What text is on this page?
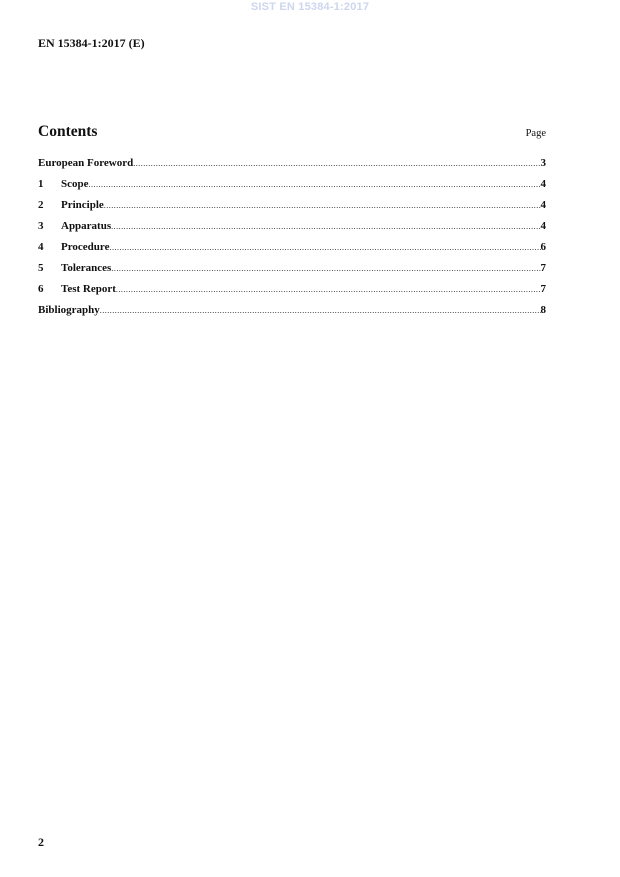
SIST EN 15384-1:2017
EN 15384-1:2017 (E)
Contents	Page
European Foreword .....	3
1	Scope .....	4
2	Principle .....	4
3	Apparatus .....	4
4	Procedure .....	6
5	Tolerances .....	7
6	Test Report .....	7
Bibliography .....	8
2
